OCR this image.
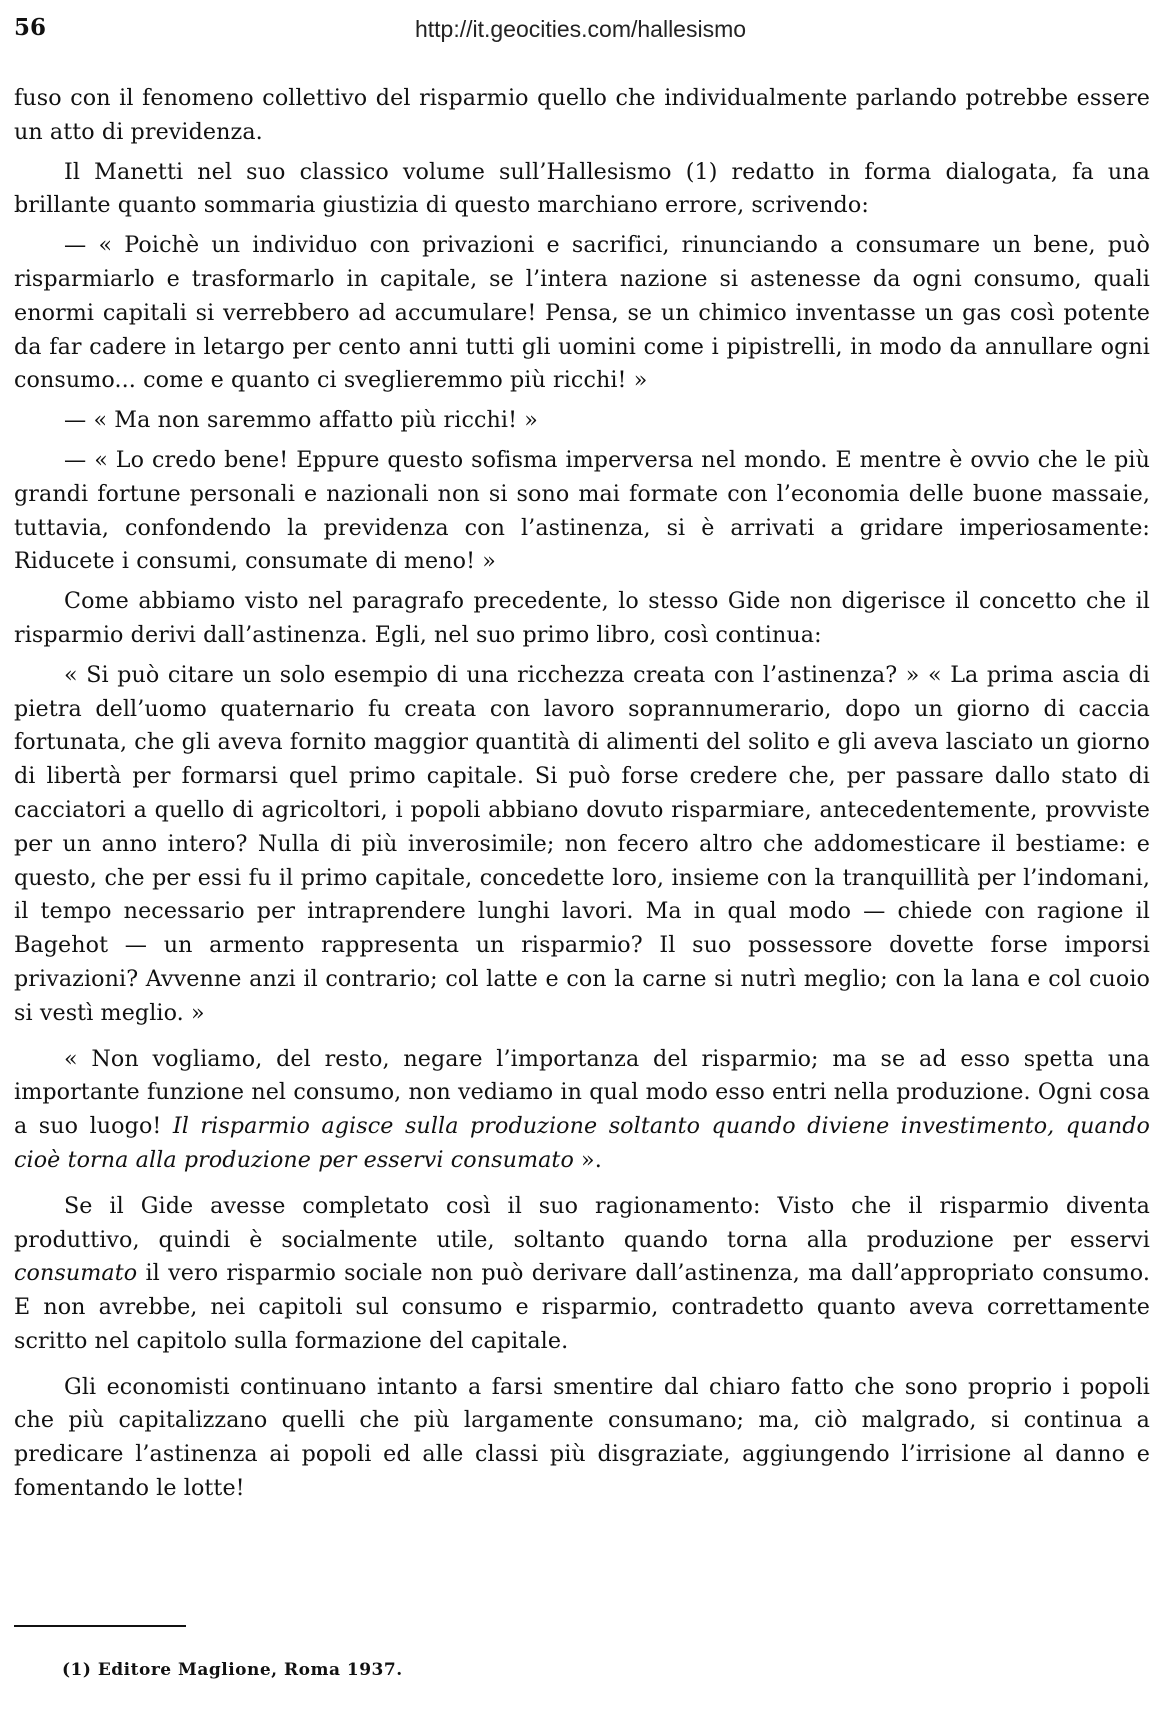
56	http://it.geocities.com/hallesismo

fuso con il fenomeno collettivo del risparmio quello che individualmente parlando potrebbe essere un atto di previdenza.

Il Manetti nel suo classico volume sull’Hallesismo (1) redatto in forma dialogata, fa una brillante quanto sommaria giustizia di questo marchiano errore, scrivendo:

— « Poichè un individuo con privazioni e sacrifici, rinunciando a consumare un bene, può risparmiarlo e trasformarlo in capitale, se l’intera nazione si astenesse da ogni consumo, quali enormi capitali si verrebbero ad accumulare! Pensa, se un chimico inventasse un gas così potente da far cadere in letargo per cento anni tutti gli uomini come i pipistrelli, in modo da annullare ogni consumo... come e quanto ci sveglieremmo più ricchi! »

— « Ma non saremmo affatto più ricchi! »

— « Lo credo bene! Eppure questo sofisma imperversa nel mondo. E mentre è ovvio che le più grandi fortune personali e nazionali non si sono mai formate con l’economia delle buone massaie, tuttavia, confondendo la previdenza con l’astinenza, si è arrivati a gridare imperiosamente: Riducete i consumi, consumate di meno! »

Come abbiamo visto nel paragrafo precedente, lo stesso Gide non digerisce il concetto che il risparmio derivi dall’astinenza. Egli, nel suo primo libro, così continua:

« Si può citare un solo esempio di una ricchezza creata con l’astinenza? » « La prima ascia di pietra dell’uomo quaternario fu creata con lavoro soprannumerario, dopo un giorno di caccia fortunata, che gli aveva fornito maggior quantità di alimenti del solito e gli aveva lasciato un giorno di libertà per formarsi quel primo capitale. Si può forse credere che, per passare dallo stato di cacciatori a quello di agricoltori, i popoli abbiano dovuto risparmiare, antecedentemente, provviste per un anno intero? Nulla di più inverosimile; non fecero altro che addomesticare il bestiame: e questo, che per essi fu il primo capitale, concedette loro, insieme con la tranquillità per l’indomani, il tempo necessario per intraprendere lunghi lavori. Ma in qual modo — chiede con ragione il Bagehot — un armento rappresenta un risparmio? Il suo possessore dovette forse imporsi privazioni? Avvenne anzi il contrario; col latte e con la carne si nutrì meglio; con la lana e col cuoio si vestì meglio. »

« Non vogliamo, del resto, negare l’importanza del risparmio; ma se ad esso spetta una importante funzione nel consumo, non vediamo in qual modo esso entri nella produzione. Ogni cosa a suo luogo! Il risparmio agisce sulla produzione soltanto quando diviene investimento, quando cioè torna alla produzione per esservi consumato ».

Se il Gide avesse completato così il suo ragionamento: Visto che il risparmio diventa produttivo, quindi è socialmente utile, soltanto quando torna alla produzione per esservi consumato il vero risparmio sociale non può derivare dall’astinenza, ma dall’appropriato consumo. E non avrebbe, nei capitoli sul consumo e risparmio, contradetto quanto aveva correttamente scritto nel capitolo sulla formazione del capitale.

Gli economisti continuano intanto a farsi smentire dal chiaro fatto che sono proprio i popoli che più capitalizzano quelli che più largamente consumano; ma, ciò malgrado, si continua a predicare l’astinenza ai popoli ed alle classi più disgraziate, aggiungendo l’irrisione al danno e fomentando le lotte!

(1) Editore Maglione, Roma 1937.
